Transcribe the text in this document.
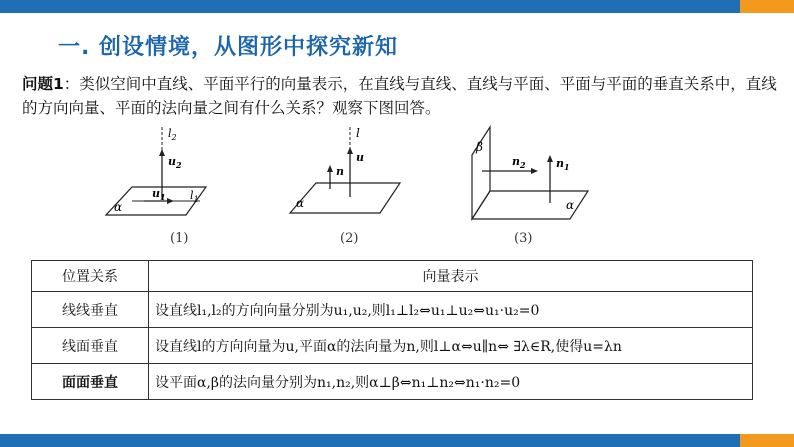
一. 创设情境，从图形中探究新知
问题1：类似空间中直线、平面平行的向量表示，在直线与直线、直线与平面、平面与平面的垂直关系中，直线的方向向量、平面的法向量之间有什么关系？观察下图回答。
$l_2$
$u_2$
$u_1$ $l_1$
α
(1)
l
u
n
α
(2)
β
$n_2$	$n_1$
α
(3)
位置关系	向量表示
线线垂直	设直线l₁,l₂的方向向量分别为u₁,u₂,则l₁⊥l₂⇔u₁⊥u₂⇔u₁·u₂=0
线面垂直	设直线l的方向向量为u,平面α的法向量为n,则l⊥α⇔u∥n⇔ ∃λ∈R,使得u=λn
面面垂直	设平面α,β的法向量分别为n₁,n₂,则α⊥β⇔n₁⊥n₂⇔n₁·n₂=0
